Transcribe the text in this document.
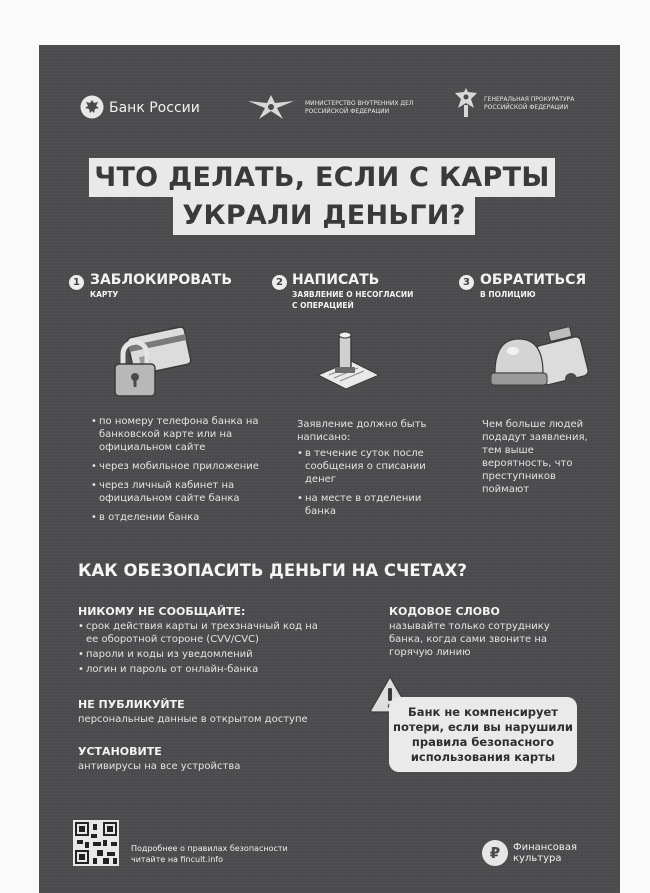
Банк России	МИНИСТЕРСТВО ВНУТРЕННИХ ДЕЛ
РОССИЙСКОЙ ФЕДЕРАЦИИ
ГЕНЕРАЛЬНАЯ ПРОКУРАТУРА
РОССИЙСКОЙ ФЕДЕРАЦИИ
ЧТО ДЕЛАТЬ, ЕСЛИ С КАРТЫ
УКРАЛИ ДЕНЬГИ?
1 ЗАБЛОКИРОВАТЬ
КАРТУ
• по номеру телефона банка на банковской карте или на официальном сайте
• через мобильное приложение
• через личный кабинет на официальном сайте банка
• в отделении банка
2 НАПИСАТЬ
ЗАЯВЛЕНИЕ О НЕСОГЛАСИИ
С ОПЕРАЦИЕЙ
Заявление должно быть написано:
• в течение суток после сообщения о списании денег
• на месте в отделении банка
3 ОБРАТИТЬСЯ
В ПОЛИЦИЮ
Чем больше людей подадут заявления, тем выше вероятность, что преступников поймают
КАК ОБЕЗОПАСИТЬ ДЕНЬГИ НА СЧЕТАХ?
НИКОМУ НЕ СООБЩАЙТЕ:
• срок действия карты и трехзначный код на ее оборотной стороне (CVV/CVC)
• пароли и коды из уведомлений
• логин и пароль от онлайн-банка
НЕ ПУБЛИКУЙТЕ
персональные данные в открытом доступе
УСТАНОВИТЕ
антивирусы на все устройства
КОДОВОЕ СЛОВО
называйте только сотруднику банка, когда сами звоните на горячую линию
Банк не компенсирует
потери, если вы нарушили
правила безопасного
использования карты
Подробнее о правилах безопасности
читайте на fincult.info	₽	Финансовая
культура
